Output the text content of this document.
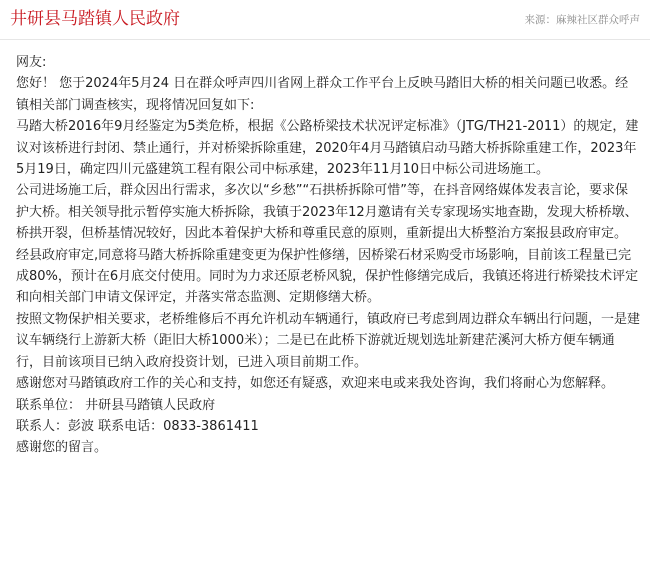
井研县马踏镇人民政府	来源：麻辣社区群众呼声
网友:
您好！ 您于2024年5月24 日在群众呼声四川省网上群众工作平台上反映马踏旧大桥的相关问题已收悉。经镇相关部门调查核实，现将情况回复如下:
马踏大桥2016年9月经鉴定为5类危桥，根据《公路桥梁技术状况评定标准》（JTG/TH21-2011）的规定，建议对该桥进行封闭、禁止通行，并对桥梁拆除重建，2020年4月马踏镇启动马踏大桥拆除重建工作，2023年5月19日，确定四川元盛建筑工程有限公司中标承建，2023年11月10日中标公司进场施工。
公司进场施工后，群众因出行需求，多次以“乡愁”“石拱桥拆除可惜”等，在抖音网络媒体发表言论，要求保护大桥。相关领导批示暂停实施大桥拆除，我镇于2023年12月邀请有关专家现场实地查勘，发现大桥桥墩、桥拱开裂，但桥基情况较好，因此本着保护大桥和尊重民意的原则，重新提出大桥整治方案报县政府审定。
经县政府审定,同意将马踏大桥拆除重建变更为保护性修缮，因桥梁石材采购受市场影响，目前该工程量已完成80%，预计在6月底交付使用。同时为力求还原老桥风貌，保护性修缮完成后，我镇还将进行桥梁技术评定和向相关部门申请文保评定，并落实常态监测、定期修缮大桥。
按照文物保护相关要求，老桥维修后不再允许机动车辆通行，镇政府已考虑到周边群众车辆出行问题，一是建议车辆绕行上游新大桥（距旧大桥1000米）；二是已在此桥下游就近规划选址新建茫溪河大桥方便车辆通行，目前该项目已纳入政府投资计划，已进入项目前期工作。
感谢您对马踏镇政府工作的关心和支持，如您还有疑惑，欢迎来电或来我处咨询，我们将耐心为您解释。
联系单位： 井研县马踏镇人民政府
联系人：彭波 联系电话：0833-3861411
感谢您的留言。
